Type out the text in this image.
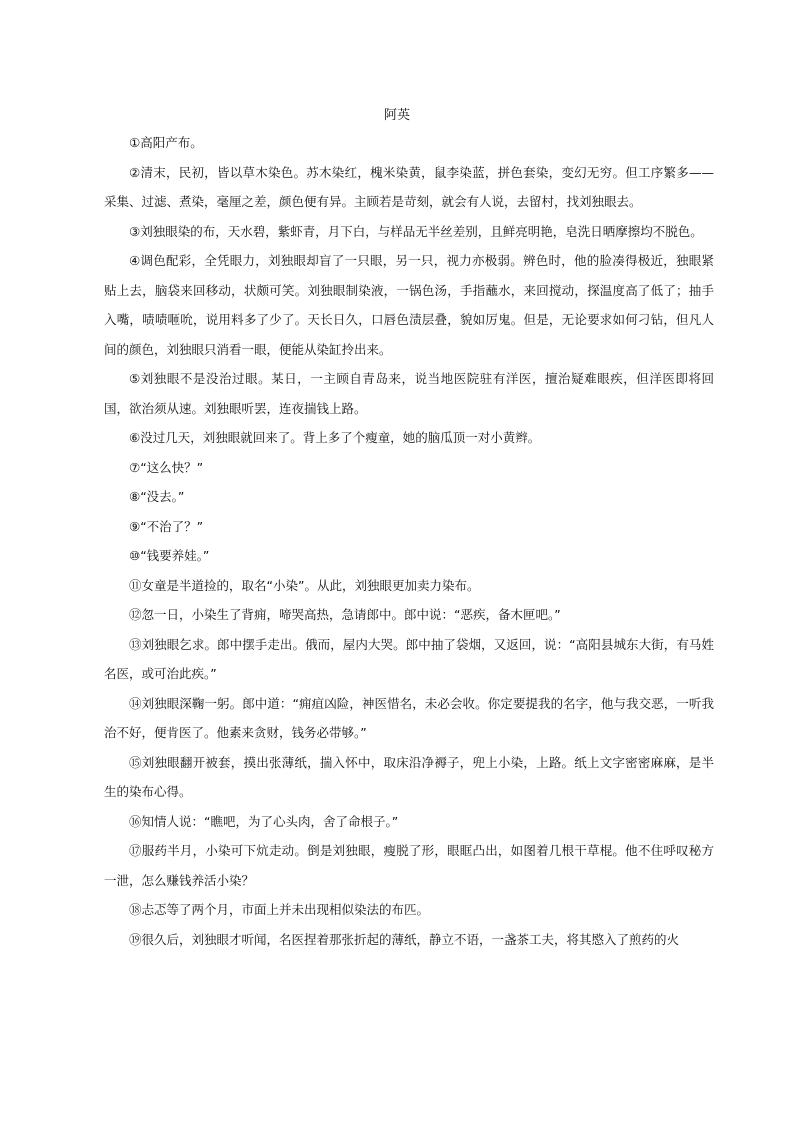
阿英

①高阳产布。

②清末，民初，皆以草木染色。苏木染红，槐米染黄，鼠李染蓝，拼色套染，变幻无穷。但工序繁多——采集、过滤、煮染，毫厘之差，颜色便有异。主顾若是苛刻，就会有人说，去留村，找刘独眼去。

③刘独眼染的布，天水碧，紫虾青，月下白，与样品无半丝差别，且鲜亮明艳，皂洗日晒摩擦均不脱色。

④调色配彩，全凭眼力，刘独眼却盲了一只眼，另一只，视力亦极弱。辨色时，他的脸凑得极近，独眼紧贴上去，脑袋来回移动，状颇可笑。刘独眼制染液，一锅色汤，手指蘸水，来回搅动，探温度高了低了；抽手入嘴，啧啧咂吮，说用料多了少了。天长日久，口唇色渍层叠，貌如厉鬼。但是，无论要求如何刁钻，但凡人间的颜色，刘独眼只消看一眼，便能从染缸拎出来。

⑤刘独眼不是没治过眼。某日，一主顾自青岛来，说当地医院驻有洋医，擅治疑难眼疾，但洋医即将回国，欲治须从速。刘独眼听罢，连夜揣钱上路。

⑥没过几天，刘独眼就回来了。背上多了个瘦童，她的脑瓜顶一对小黄辫。

⑦“这么快？”

⑧“没去。”

⑨“不治了？”

⑩“钱要养娃。”

⑪女童是半道捡的，取名“小染”。从此，刘独眼更加卖力染布。

⑫忽一日，小染生了背痈，啼哭高热，急请郎中。郎中说：“恶疾，备木匣吧。”

⑬刘独眼乞求。郎中摆手走出。俄而，屋内大哭。郎中抽了袋烟，又返回，说：“高阳县城东大街，有马姓名医，或可治此疾。”

⑭刘独眼深鞠一躬。郎中道：“痈疽凶险，神医惜名，未必会收。你定要提我的名字，他与我交恶，一听我治不好，便肯医了。他素来贪财，钱务必带够。”

⑮刘独眼翻开被套，摸出张薄纸，揣入怀中，取床沿净褥子，兜上小染，上路。纸上文字密密麻麻，是半生的染布心得。

⑯知情人说：“瞧吧，为了心头肉，舍了命根子。”

⑰服药半月，小染可下炕走动。倒是刘独眼，瘦脱了形，眼眶凸出，如图着几根干草棍。他不住呼叹秘方一泄，怎么赚钱养活小染？

⑱忐忑等了两个月，市面上并未出现相似染法的布匹。

⑲很久后，刘独眼才听闻，名医捏着那张折起的薄纸，静立不语，一盏茶工夫，将其愍入了煎药的火
